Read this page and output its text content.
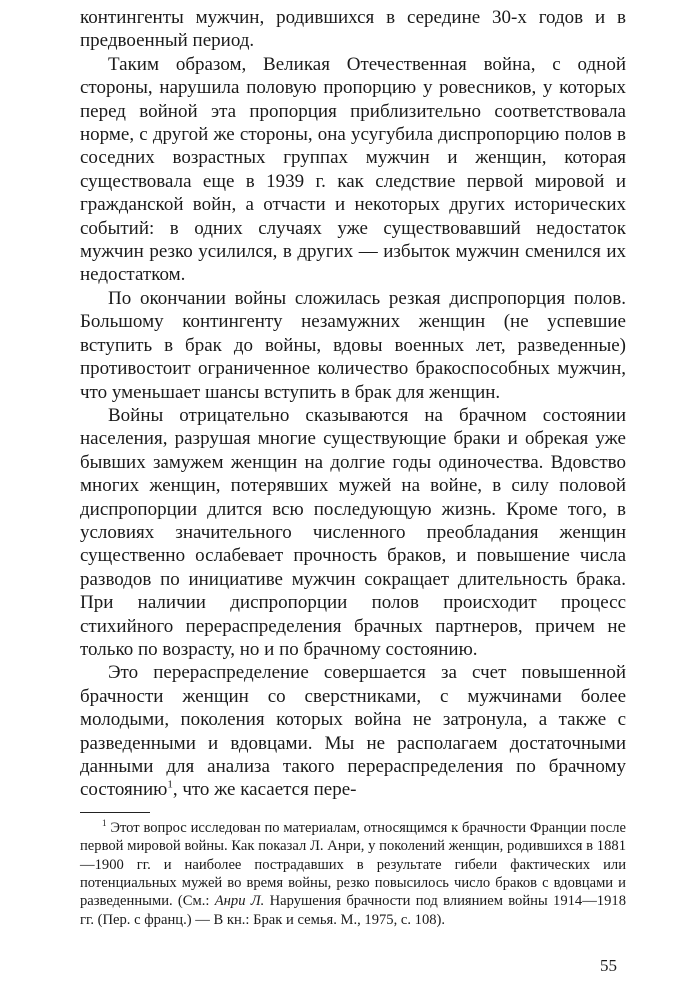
контингенты мужчин, родившихся в середине 30-х годов и в предвоенный период.

Таким образом, Великая Отечественная война, с одной стороны, нарушила половую пропорцию у ровесников, у которых перед войной эта пропорция приблизительно соответствовала норме, с другой же стороны, она усугубила диспропорцию полов в соседних возрастных группах мужчин и женщин, которая существовала еще в 1939 г. как следствие первой мировой и гражданской войн, а отчасти и некоторых других исторических событий: в одних случаях уже существовавший недостаток мужчин резко усилился, в других — избыток мужчин сменился их недостатком.

По окончании войны сложилась резкая диспропорция полов. Большому контингенту незамужних женщин (не успевшие вступить в брак до войны, вдовы военных лет, разведенные) противостоит ограниченное количество бракоспособных мужчин, что уменьшает шансы вступить в брак для женщин.

Войны отрицательно сказываются на брачном состоянии населения, разрушая многие существующие браки и обрекая уже бывших замужем женщин на долгие годы одиночества. Вдовство многих женщин, потерявших мужей на войне, в силу половой диспропорции длится всю последующую жизнь. Кроме того, в условиях значительного численного преобладания женщин существенно ослабевает прочность браков, и повышение числа разводов по инициативе мужчин сокращает длительность брака. При наличии диспропорции полов происходит процесс стихийного перераспределения брачных партнеров, причем не только по возрасту, но и по брачному состоянию.

Это перераспределение совершается за счет повышенной брачности женщин со сверстниками, с мужчинами более молодыми, поколения которых война не затронула, а также с разведенными и вдовцами. Мы не располагаем достаточными данными для анализа такого перераспределения по брачному состоянию$^1$, что же касается пере-

$^1$ Этот вопрос исследован по материалам, относящимся к брачности Франции после первой мировой войны. Как показал Л. Анри, у поколений женщин, родившихся в 1881—1900 гг. и наиболее пострадавших в результате гибели фактических или потенциальных мужей во время войны, резко повысилось число браков с вдовцами и разведенными. (См.: Анри Л. Нарушения брачности под влиянием войны 1914—1918 гг. (Пер. с франц.) — В кн.: Брак и семья. М., 1975, с. 108).

55
